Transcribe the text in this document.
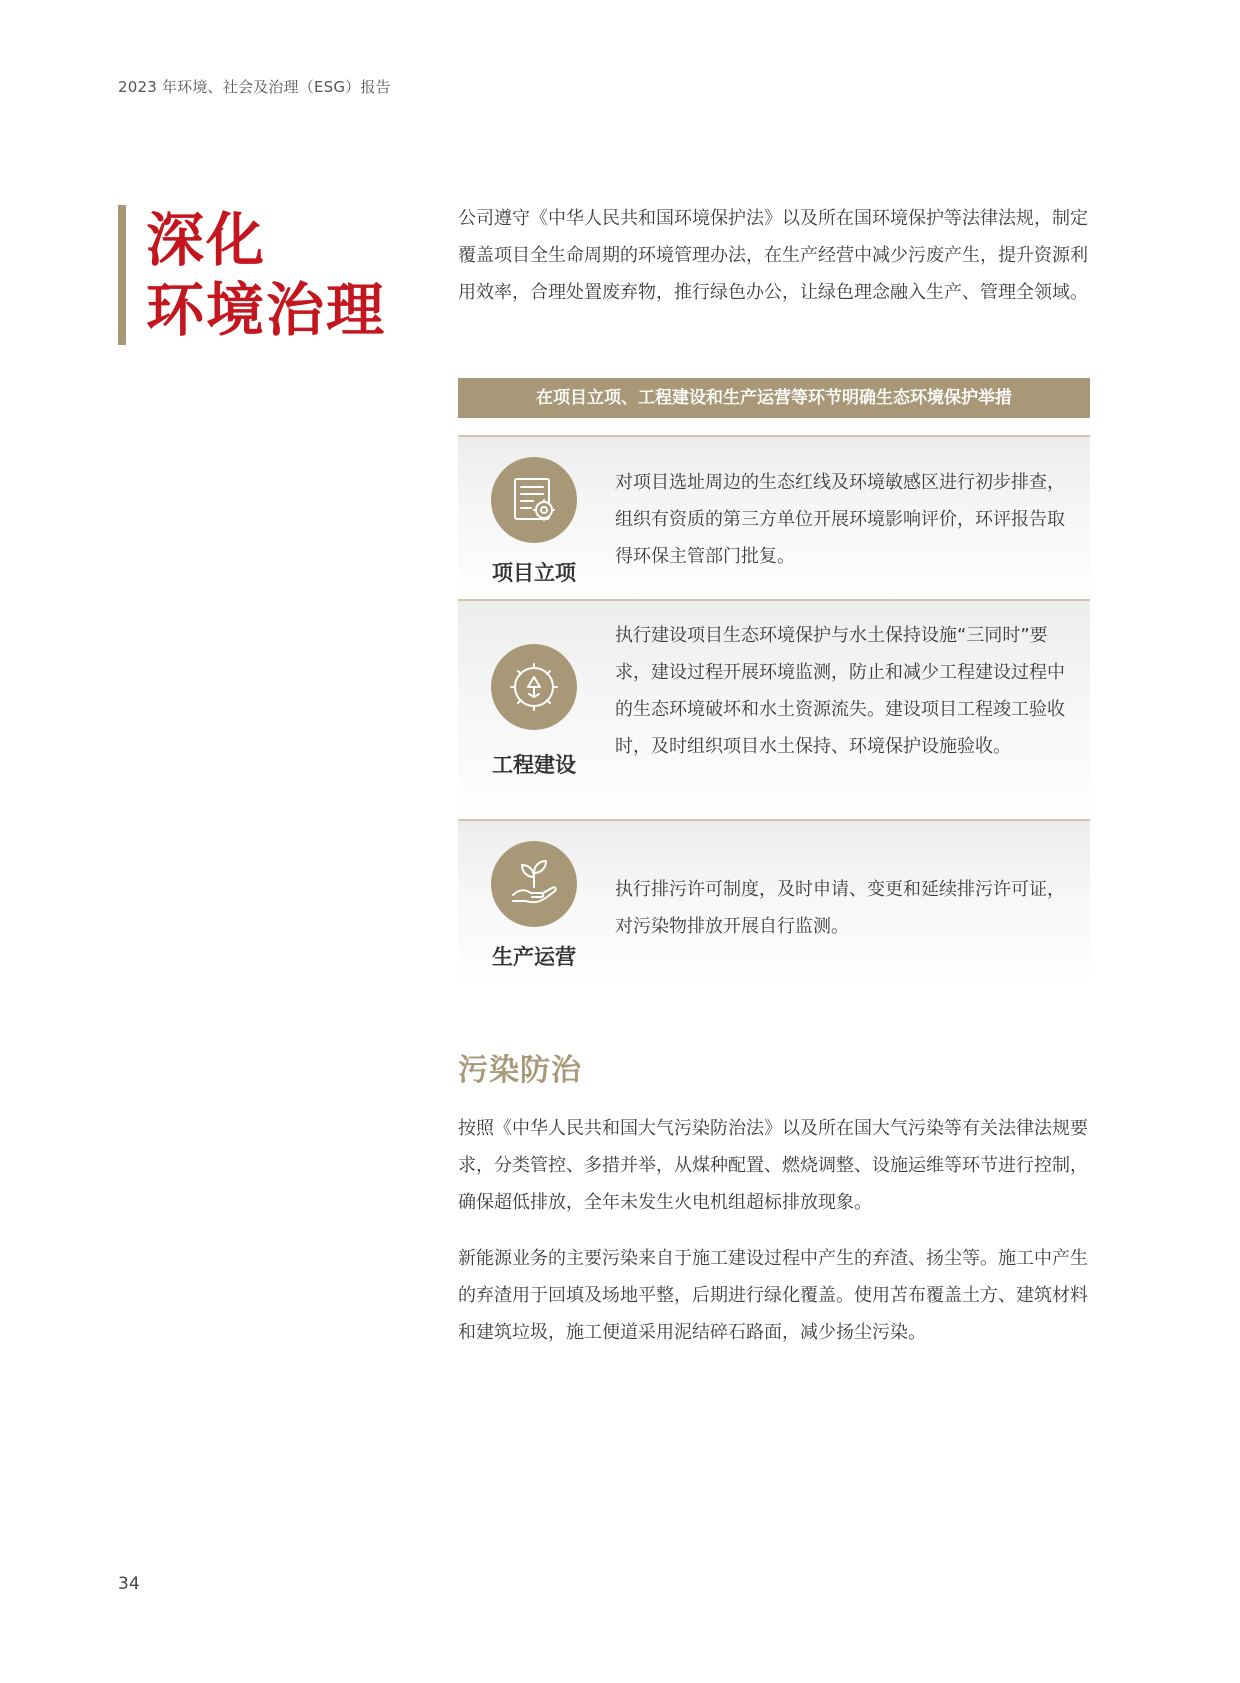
2023 年环境、社会及治理（ESG）报告
深化
环境治理

公司遵守《中华人民共和国环境保护法》以及所在国环境保护等法律法规，制定覆盖项目全生命周期的环境管理办法，在生产经营中减少污废产生，提升资源利用效率，合理处置废弃物，推行绿色办公，让绿色理念融入生产、管理全领域。

在项目立项、工程建设和生产运营等环节明确生态环境保护举措
项目立项

对项目选址周边的生态红线及环境敏感区进行初步排查，组织有资质的第三方单位开展环境影响评价，环评报告取得环保主管部门批复。

工程建设

执行建设项目生态环境保护与水土保持设施“三同时”要求，建设过程开展环境监测，防止和减少工程建设过程中的生态环境破坏和水土资源流失。建设项目工程竣工验收时，及时组织项目水土保持、环境保护设施验收。

生产运营

执行排污许可制度，及时申请、变更和延续排污许可证，对污染物排放开展自行监测。

污染防治

按照《中华人民共和国大气污染防治法》以及所在国大气污染等有关法律法规要求，分类管控、多措并举，从煤种配置、燃烧调整、设施运维等环节进行控制，确保超低排放，全年未发生火电机组超标排放现象。

新能源业务的主要污染来自于施工建设过程中产生的弃渣、扬尘等。施工中产生的弃渣用于回填及场地平整，后期进行绿化覆盖。使用苫布覆盖土方、建筑材料和建筑垃圾，施工便道采用泥结碎石路面，减少扬尘污染。

34
